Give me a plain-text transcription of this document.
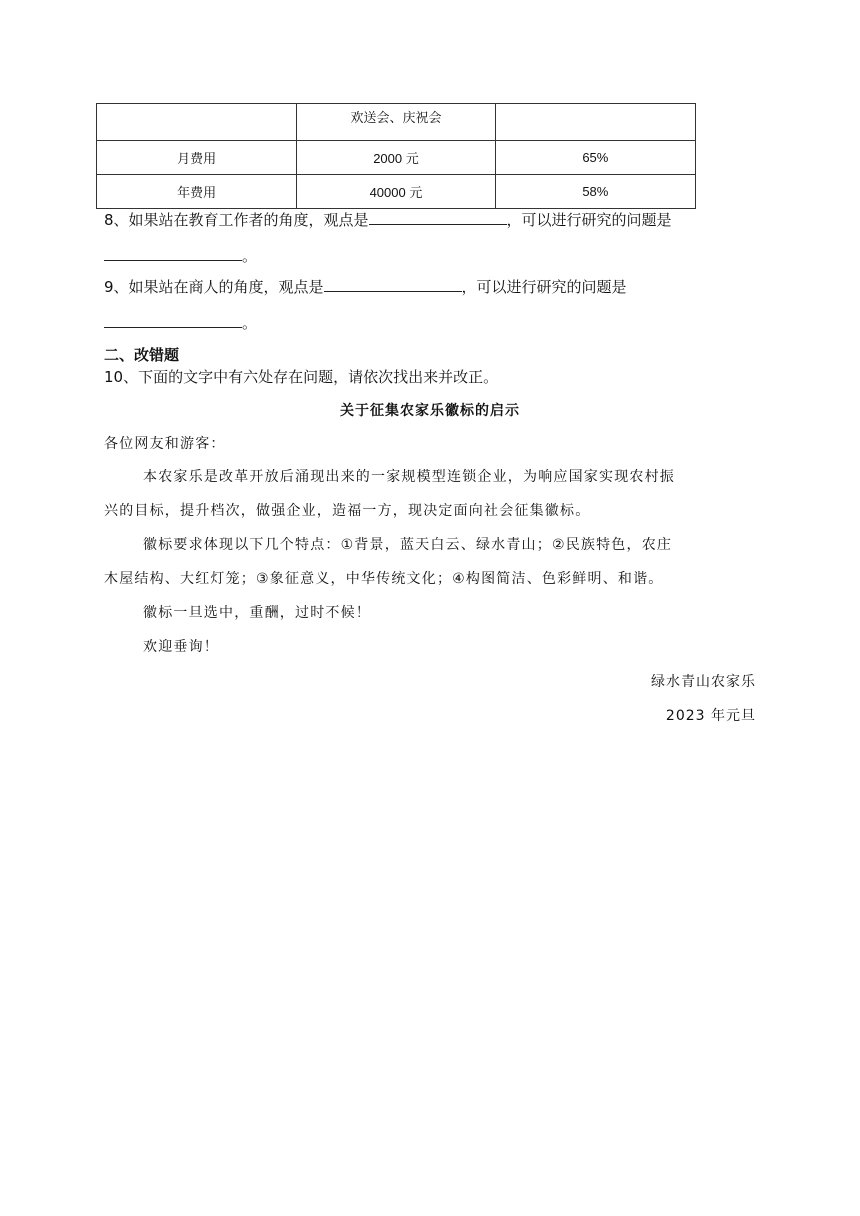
	欢送会、庆祝会	
月费用	2000 元	65%
年费用	40000 元	58%
8、如果站在教育工作者的角度，观点是	，可以进行研究的问题是
。
9、如果站在商人的角度，观点是	，可以进行研究的问题是
。
二、改错题
10、下面的文字中有六处存在问题，请依次找出来并改正。
关于征集农家乐徽标的启示
各位网友和游客：
本农家乐是改革开放后涌现出来的一家规模型连锁企业，为响应国家实现农村振
兴的目标，提升档次，做强企业，造福一方，现决定面向社会征集徽标。
徽标要求体现以下几个特点：①背景，蓝天白云、绿水青山；②民族特色，农庄
木屋结构、大红灯笼；③象征意义，中华传统文化；④构图简洁、色彩鲜明、和谐。
徽标一旦选中，重酬，过时不候！
欢迎垂询！
绿水青山农家乐
2023 年元旦
